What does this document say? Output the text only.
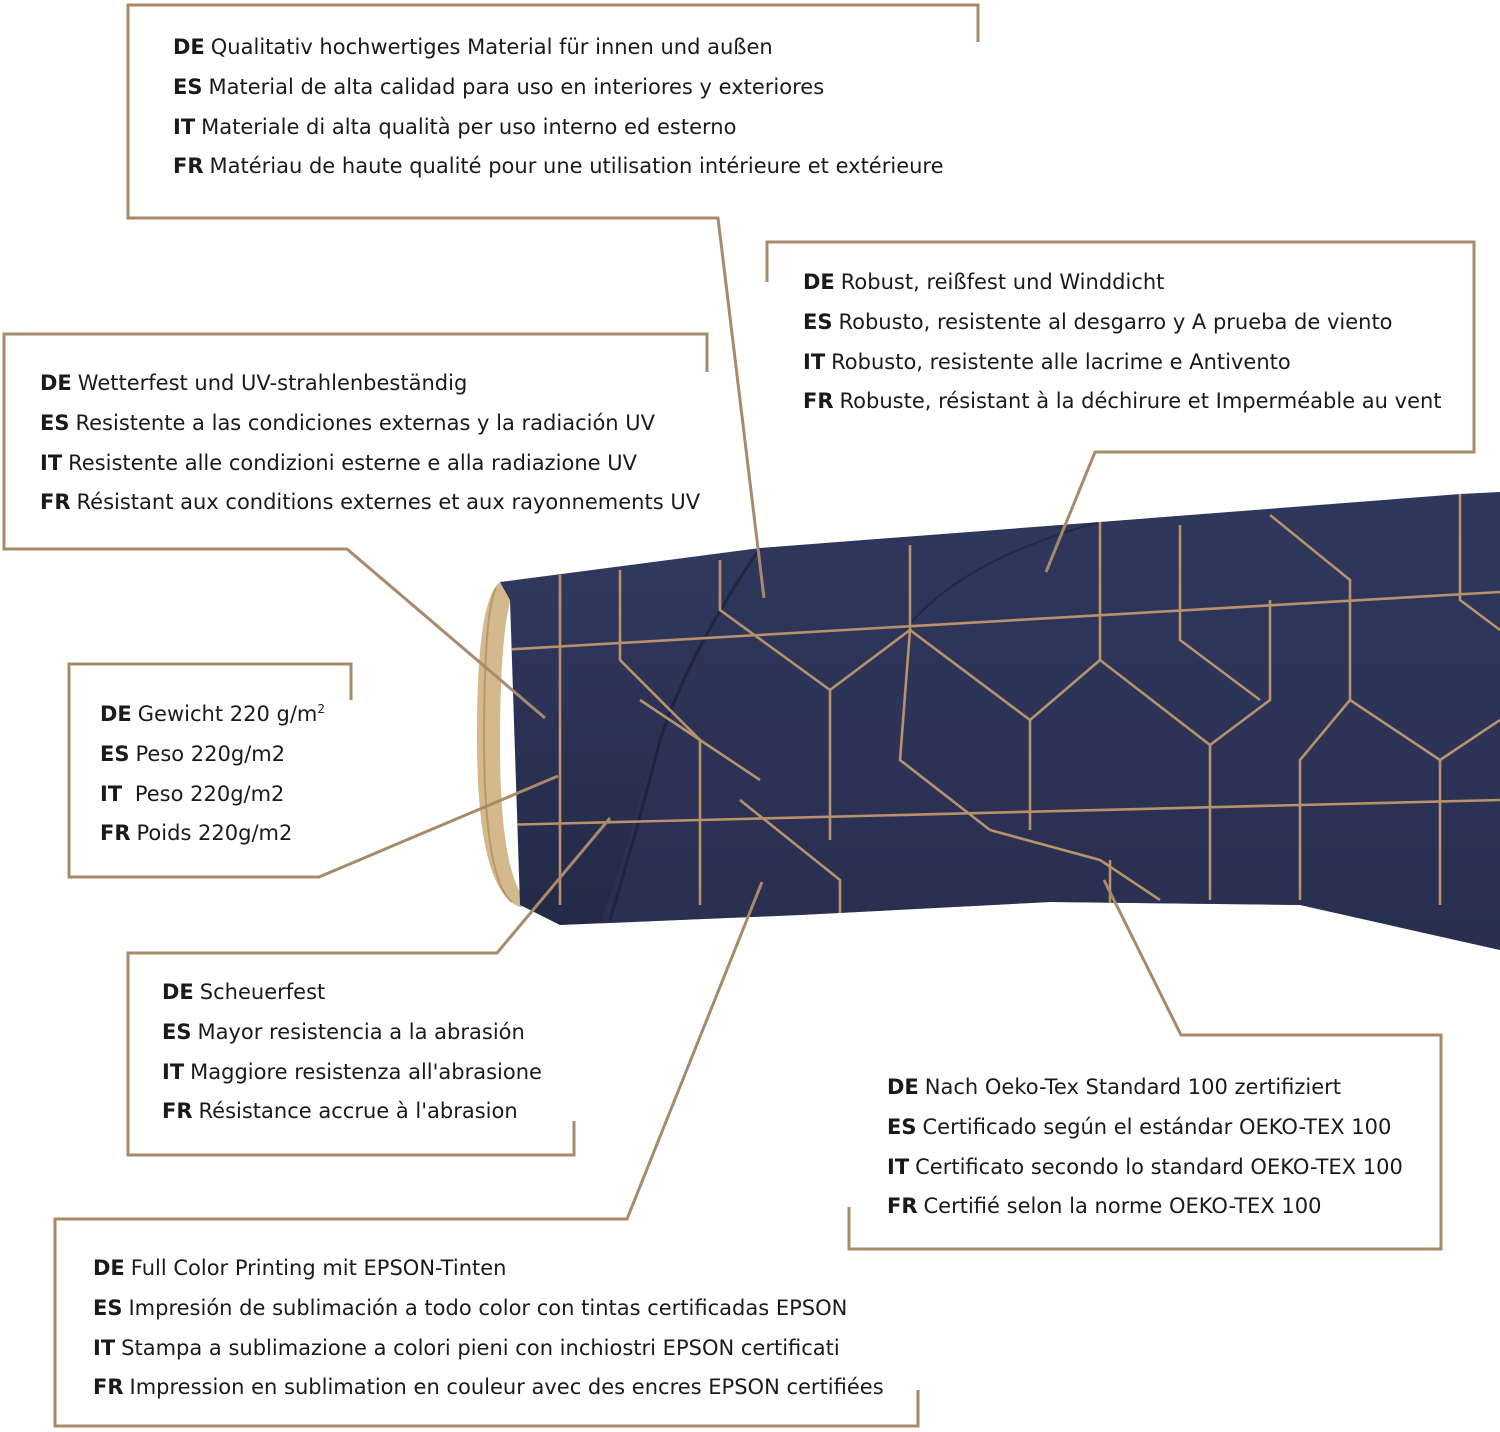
DE Qualitativ hochwertiges Material für innen und außen
ES Material de alta calidad para uso en interiores y exteriores
IT Materiale di alta qualità per uso interno ed esterno
FR Matériau de haute qualité pour une utilisation intérieure et extérieure
DE Robust, reißfest und Winddicht
ES Robusto, resistente al desgarro y A prueba de viento
IT Robusto, resistente alle lacrime e Antivento
FR Robuste, résistant à la déchirure et Imperméable au vent
DE Wetterfest und UV-strahlenbeständig
ES Resistente a las condiciones externas y la radiación UV
IT Resistente alle condizioni esterne e alla radiazione UV
FR Résistant aux conditions externes et aux rayonnements UV
DE Gewicht 220 $g/m^2$
ES Peso 220g/m2
IT Peso 220g/m2
FR Poids 220g/m2
DE Scheuerfest
ES Mayor resistencia a la abrasión
IT Maggiore resistenza all'abrasione
FR Résistance accrue à l'abrasion
DE Nach Oeko-Tex Standard 100 zertifiziert
ES Certificado según el estándar OEKO-TEX 100
IT Certificato secondo lo standard OEKO-TEX 100
FR Certifié selon la norme OEKO-TEX 100
DE Full Color Printing mit EPSON-Tinten
ES Impresión de sublimación a todo color con tintas certificadas EPSON
IT Stampa a sublimazione a colori pieni con inchiostri EPSON certificati
FR Impression en sublimation en couleur avec des encres EPSON certifiées
